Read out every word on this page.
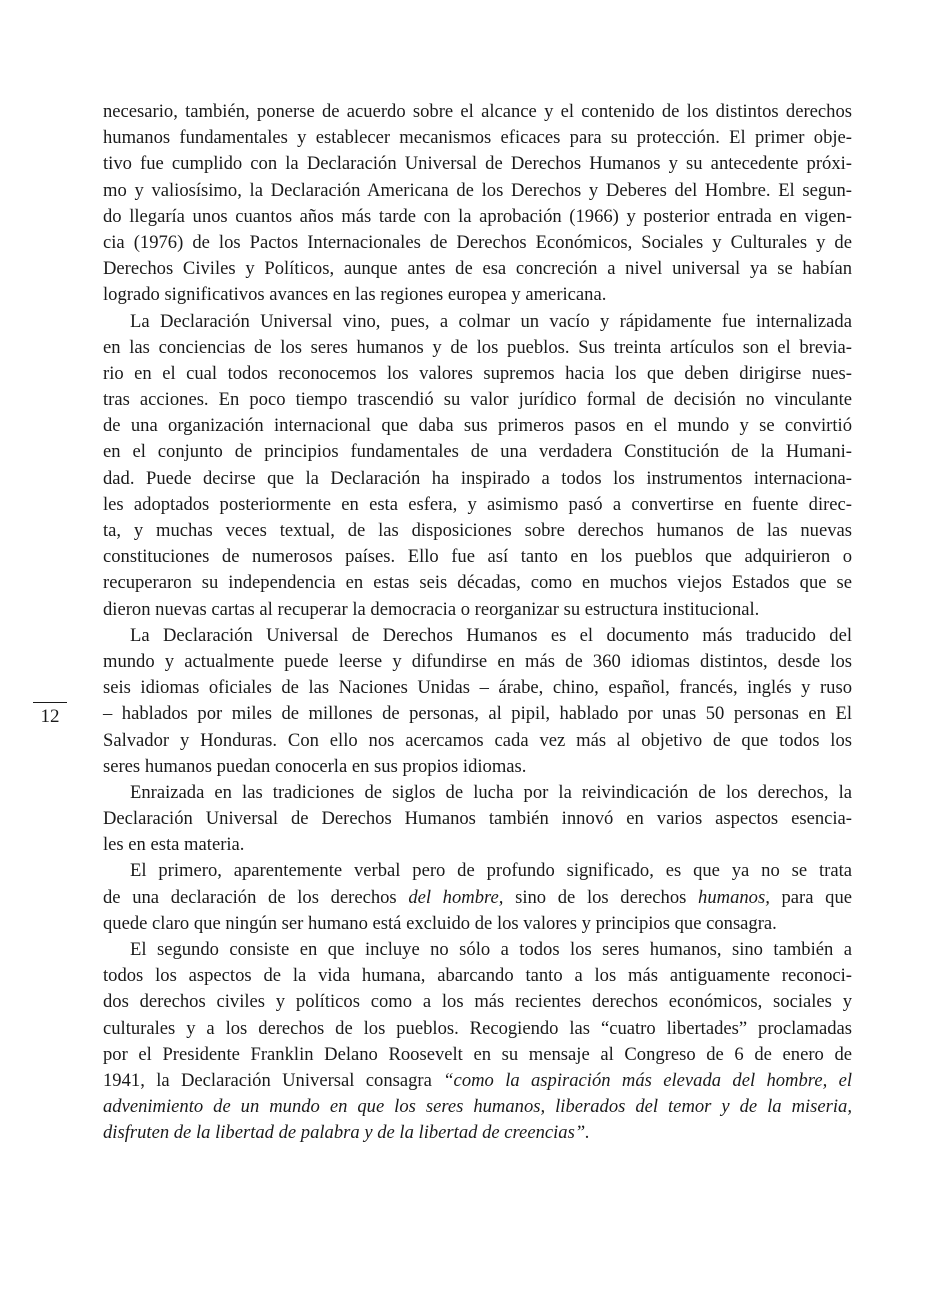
12
necesario, también, ponerse de acuerdo sobre el alcance y el contenido de los distintos derechos
humanos fundamentales y establecer mecanismos eficaces para su protección. El primer obje-
tivo fue cumplido con la Declaración Universal de Derechos Humanos y su antecedente próxi-
mo y valiosísimo, la Declaración Americana de los Derechos y Deberes del Hombre. El segun-
do llegaría unos cuantos años más tarde con la aprobación (1966) y posterior entrada en vigen-
cia (1976) de los Pactos Internacionales de Derechos Económicos, Sociales y Culturales y de
Derechos Civiles y Políticos, aunque antes de esa concreción a nivel universal ya se habían
logrado significativos avances en las regiones europea y americana.
La Declaración Universal vino, pues, a colmar un vacío y rápidamente fue internalizada
en las conciencias de los seres humanos y de los pueblos. Sus treinta artículos son el brevia-
rio en el cual todos reconocemos los valores supremos hacia los que deben dirigirse nues-
tras acciones. En poco tiempo trascendió su valor jurídico formal de decisión no vinculante
de una organización internacional que daba sus primeros pasos en el mundo y se convirtió
en el conjunto de principios fundamentales de una verdadera Constitución de la Humani-
dad. Puede decirse que la Declaración ha inspirado a todos los instrumentos internaciona-
les adoptados posteriormente en esta esfera, y asimismo pasó a convertirse en fuente direc-
ta, y muchas veces textual, de las disposiciones sobre derechos humanos de las nuevas
constituciones de numerosos países. Ello fue así tanto en los pueblos que adquirieron o
recuperaron su independencia en estas seis décadas, como en muchos viejos Estados que se
dieron nuevas cartas al recuperar la democracia o reorganizar su estructura institucional.
La Declaración Universal de Derechos Humanos es el documento más traducido del
mundo y actualmente puede leerse y difundirse en más de 360 idiomas distintos, desde los
seis idiomas oficiales de las Naciones Unidas – árabe, chino, español, francés, inglés y ruso
– hablados por miles de millones de personas, al pipil, hablado por unas 50 personas en El
Salvador y Honduras. Con ello nos acercamos cada vez más al objetivo de que todos los
seres humanos puedan conocerla en sus propios idiomas.
Enraizada en las tradiciones de siglos de lucha por la reivindicación de los derechos, la
Declaración Universal de Derechos Humanos también innovó en varios aspectos esencia-
les en esta materia.
El primero, aparentemente verbal pero de profundo significado, es que ya no se trata
de una declaración de los derechos del hombre, sino de los derechos humanos, para que
quede claro que ningún ser humano está excluido de los valores y principios que consagra.
El segundo consiste en que incluye no sólo a todos los seres humanos, sino también a
todos los aspectos de la vida humana, abarcando tanto a los más antiguamente reconoci-
dos derechos civiles y políticos como a los más recientes derechos económicos, sociales y
culturales y a los derechos de los pueblos. Recogiendo las “cuatro libertades” proclamadas
por el Presidente Franklin Delano Roosevelt en su mensaje al Congreso de 6 de enero de
1941, la Declaración Universal consagra “como la aspiración más elevada del hombre, el
advenimiento de un mundo en que los seres humanos, liberados del temor y de la miseria,
disfruten de la libertad de palabra y de la libertad de creencias”.
